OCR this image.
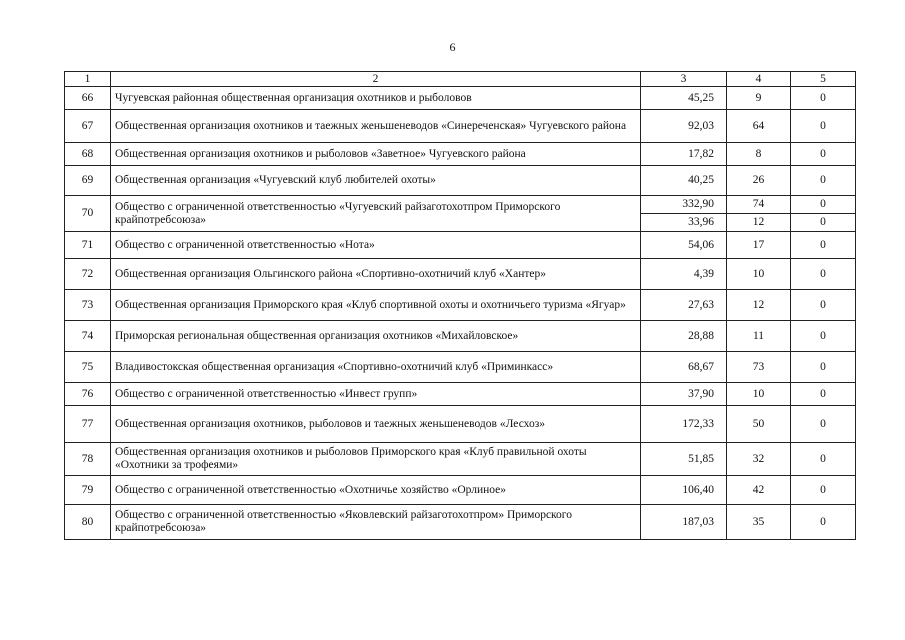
6
1	2	3	4	5
66	Чугуевская районная общественная организация охотников и рыболовов	45,25	9	0
67	Общественная организация охотников и таежных женьшеневодов «Синереченская» Чугуевского района	92,03	64	0
68	Общественная организация охотников и рыболовов «Заветное» Чугуевского района	17,82	8	0
69	Общественная организация «Чугуевский клуб любителей охоты»	40,25	26	0
70	Общество с ограниченной ответственностью «Чугуевский райзаготохотпром Приморского крайпотребсоюза»	332,90	74	0
		33,96	12	0
71	Общество с ограниченной ответственностью «Нота»	54,06	17	0
72	Общественная организация Ольгинского района «Спортивно-охотничий клуб «Хантер»	4,39	10	0
73	Общественная организация Приморского края «Клуб спортивной охоты и охотничьего туризма «Ягуар»	27,63	12	0
74	Приморская региональная общественная организация охотников «Михайловское»	28,88	11	0
75	Владивостокская общественная организация «Спортивно-охотничий клуб «Приминкасс»	68,67	73	0
76	Общество с ограниченной ответственностью «Инвест групп»	37,90	10	0
77	Общественная организация охотников, рыболовов и таежных женьшеневодов «Лесхоз»	172,33	50	0
78	Общественная организация охотников и рыболовов Приморского края «Клуб правильной охоты «Охотники за трофеями»	51,85	32	0
79	Общество с ограниченной ответственностью «Охотничье хозяйство «Орлиное»	106,40	42	0
80	Общество с ограниченной ответственностью «Яковлевский райзаготохотпром» Приморского крайпотребсоюза»	187,03	35	0
